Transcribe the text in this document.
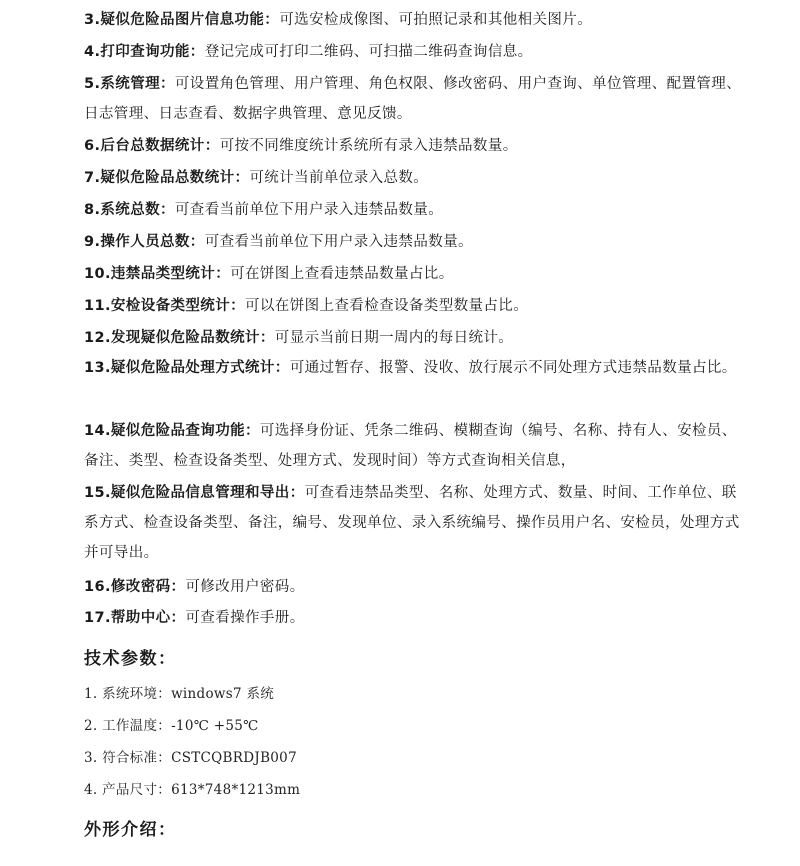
3.疑似危险品图片信息功能：可选安检成像图、可拍照记录和其他相关图片。

4.打印查询功能：登记完成可打印二维码、可扫描二维码查询信息。

5.系统管理：可设置角色管理、用户管理、角色权限、修改密码、用户查询、单位管理、配置管理、日志管理、日志查看、数据字典管理、意见反馈。

6.后台总数据统计：可按不同维度统计系统所有录入违禁品数量。

7.疑似危险品总数统计：可统计当前单位录入总数。

8.系统总数：可查看当前单位下用户录入违禁品数量。

9.操作人员总数：可查看当前单位下用户录入违禁品数量。

10.违禁品类型统计：可在饼图上查看违禁品数量占比。

11.安检设备类型统计：可以在饼图上查看检查设备类型数量占比。

12.发现疑似危险品数统计：可显示当前日期一周内的每日统计。

13.疑似危险品处理方式统计：可通过暂存、报警、没收、放行展示不同处理方式违禁品数量占比。

14.疑似危险品查询功能：可选择身份证、凭条二维码、模糊查询（编号、名称、持有人、安检员、备注、类型、检查设备类型、处理方式、发现时间）等方式查询相关信息，

15.疑似危险品信息管理和导出：可查看违禁品类型、名称、处理方式、数量、时间、工作单位、联系方式、检查设备类型、备注，编号、发现单位、录入系统编号、操作员用户名、安检员，处理方式并可导出。

16.修改密码：可修改用户密码。

17.帮助中心：可查看操作手册。

技术参数：

1. 系统环境：windows7 系统

2. 工作温度：-10℃ +55℃

3. 符合标准：CSTCQBRDJB007

4. 产品尺寸：613*748*1213mm

外形介绍：
